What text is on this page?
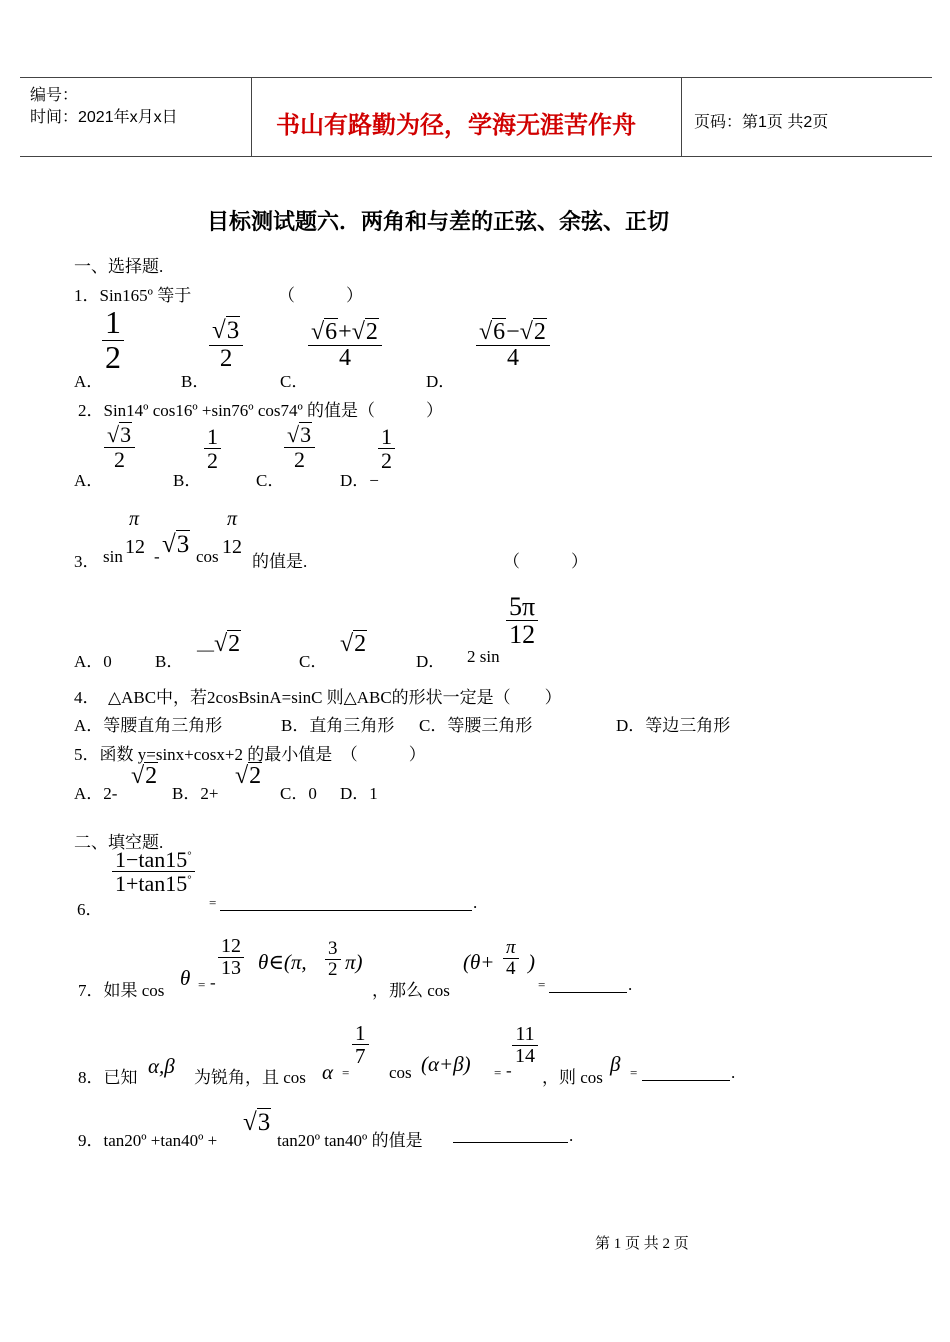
编号：
时间：2021年x月x日	书山有路勤为径，学海无涯苦作舟	页码：第1页 共2页
目标测试题六．两角和与差的正弦、余弦、正切
一、选择题.
1．Sin165º 等于	（　　　）
A．
$\frac{1}{2}$
B．
$\frac{√3}{2}$
C．
$\frac{√6+√2}{4}$
D．
$\frac{√6-√2}{4}$
2．Sin14º cos16º +sin76º cos74º 的值是（　　　）
A．
$\frac{√3}{2}$
B．
$\frac{1}{2}$
C．
$\frac{√3}{2}$
D．−
$\frac{1}{2}$
3． sin
π
12 - √3 cos
π
12
的值是.	（　　　）
A．0	B．
— √2
C．
√2
D． 2 sin
$\frac{5\pi}{12}$
4．　△ABC中，若2cosBsinA=sinC 则△ABC的形状一定是（　　）
A．等腰直角三角形	B．直角三角形 C．等腰三角形	D．等边三角形
5．函数 y=sinx+cosx+2 的最小值是　（　　　）
A．2-
√2
B．2+
√2
C．0 D．1
二、填空题.
6．
$\frac{1-\tan 15^\circ}{1+\tan 15^\circ}$
=	.
7．如果 cos
θ = -
$\frac{12}{13}$ θ∈(π, $\frac{3}{2} \pi$)
，那么 cos
($\theta+ \frac{\pi}{4}$ )
=	.
8．已知 α,β 为锐角，且 cos α =
$\frac{1}{7}$
cos (α+β) = -
$\frac{11}{14}$
，则 cos
β =	.
9．tan20º +tan40º +
√3
tan20º tan40º 的值是	.
第 1 页 共 2 页
